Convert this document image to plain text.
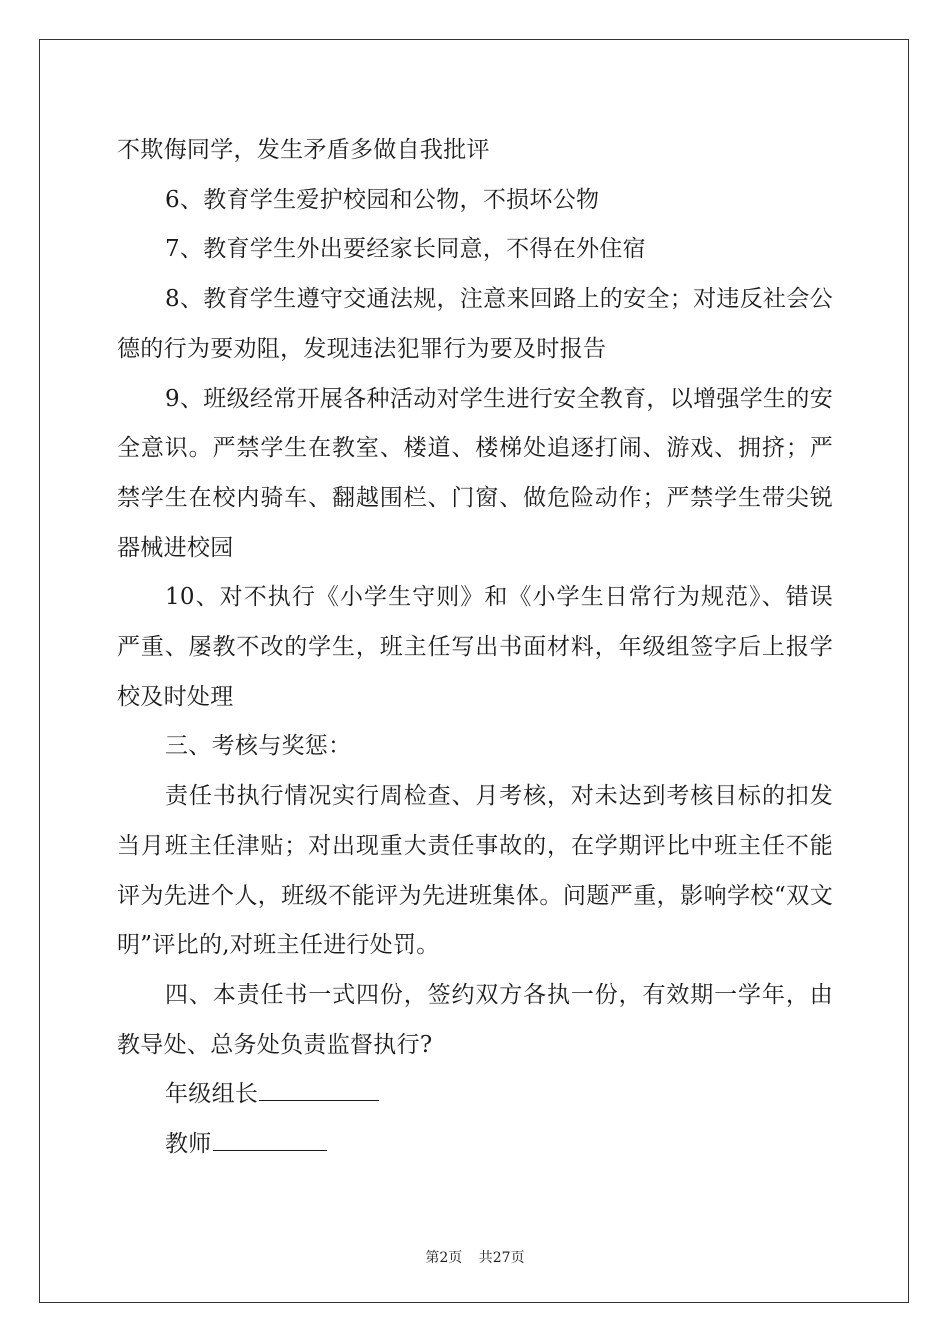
不欺侮同学，发生矛盾多做自我批评

6、教育学生爱护校园和公物，不损坏公物

7、教育学生外出要经家长同意，不得在外住宿

8、教育学生遵守交通法规，注意来回路上的安全；对违反社会公德的行为要劝阻，发现违法犯罪行为要及时报告

9、班级经常开展各种活动对学生进行安全教育，以增强学生的安全意识。严禁学生在教室、楼道、楼梯处追逐打闹、游戏、拥挤；严禁学生在校内骑车、翻越围栏、门窗、做危险动作；严禁学生带尖锐器械进校园

10、对不执行《小学生守则》和《小学生日常行为规范》、错误严重、屡教不改的学生，班主任写出书面材料，年级组签字后上报学校及时处理

三、考核与奖惩：

责任书执行情况实行周检查、月考核，对未达到考核目标的扣发当月班主任津贴；对出现重大责任事故的，在学期评比中班主任不能评为先进个人，班级不能评为先进班集体。问题严重，影响学校“双文明”评比的,对班主任进行处罚。

四、本责任书一式四份，签约双方各执一份，有效期一学年，由教导处、总务处负责监督执行?

年级组长

教师

第2页 共27页
